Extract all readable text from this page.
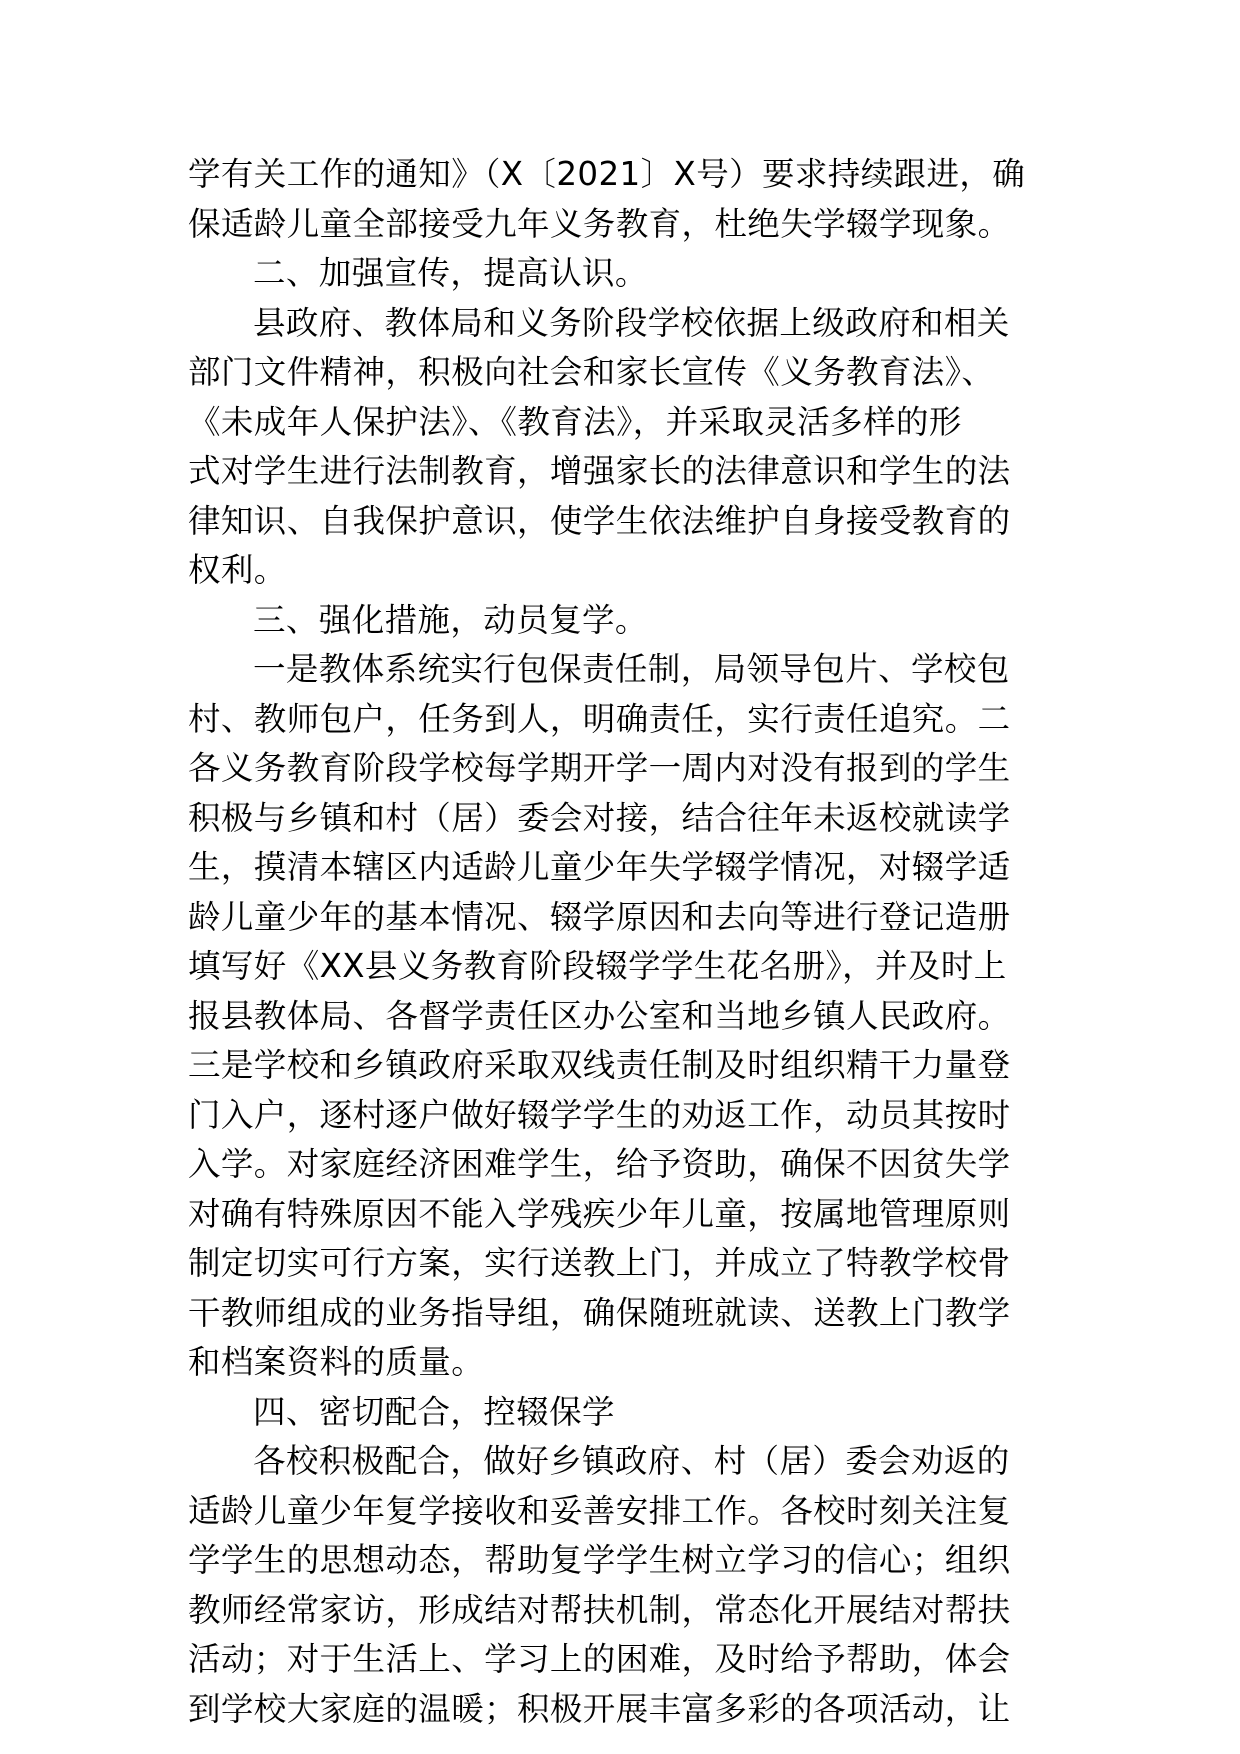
学有关工作的通知》（X〔2021〕X号）要求持续跟进，确
保适龄儿童全部接受九年义务教育，杜绝失学辍学现象。
二、加强宣传，提高认识。
县政府、教体局和义务阶段学校依据上级政府和相关
部门文件精神，积极向社会和家长宣传《义务教育法》、
《未成年人保护法》、《教育法》，并采取灵活多样的形
式对学生进行法制教育，增强家长的法律意识和学生的法
律知识、自我保护意识，使学生依法维护自身接受教育的
权利。
三、强化措施，动员复学。
一是教体系统实行包保责任制，局领导包片、学校包
村、教师包户，任务到人，明确责任，实行责任追究。二
各义务教育阶段学校每学期开学一周内对没有报到的学生
积极与乡镇和村（居）委会对接，结合往年未返校就读学
生，摸清本辖区内适龄儿童少年失学辍学情况，对辍学适
龄儿童少年的基本情况、辍学原因和去向等进行登记造册
填写好《XX县义务教育阶段辍学学生花名册》，并及时上
报县教体局、各督学责任区办公室和当地乡镇人民政府。
三是学校和乡镇政府采取双线责任制及时组织精干力量登
门入户，逐村逐户做好辍学学生的劝返工作，动员其按时
入学。对家庭经济困难学生，给予资助，确保不因贫失学
对确有特殊原因不能入学残疾少年儿童，按属地管理原则
制定切实可行方案，实行送教上门，并成立了特教学校骨
干教师组成的业务指导组，确保随班就读、送教上门教学
和档案资料的质量。
四、密切配合，控辍保学
各校积极配合，做好乡镇政府、村（居）委会劝返的
适龄儿童少年复学接收和妥善安排工作。各校时刻关注复
学学生的思想动态，帮助复学学生树立学习的信心；组织
教师经常家访，形成结对帮扶机制，常态化开展结对帮扶
活动；对于生活上、学习上的困难，及时给予帮助，体会
到学校大家庭的温暖；积极开展丰富多彩的各项活动，让
